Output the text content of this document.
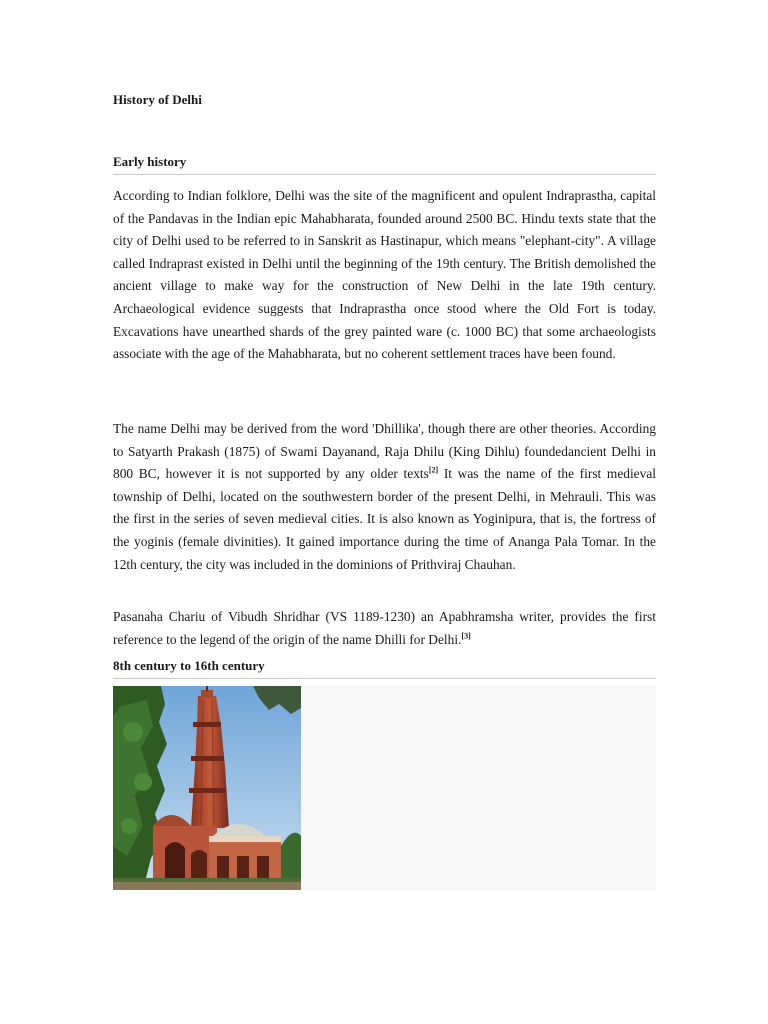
History of Delhi
Early history

According to Indian folklore, Delhi was the site of the magnificent and opulent Indraprastha, capital of the Pandavas in the Indian epic Mahabharata, founded around 2500 BC. Hindu texts state that the city of Delhi used to be referred to in Sanskrit as Hastinapur, which means "elephant-city". A village called Indraprast existed in Delhi until the beginning of the 19th century. The British demolished the ancient village to make way for the construction of New Delhi in the late 19th century. Archaeological evidence suggests that Indraprastha once stood where the Old Fort is today. Excavations have unearthed shards of the grey painted ware (c. 1000 BC) that some archaeologists associate with the age of the Mahabharata, but no coherent settlement traces have been found.

The name Delhi may be derived from the word 'Dhillika', though there are other theories. According to Satyarth Prakash (1875) of Swami Dayanand, Raja Dhilu (King Dihlu) foundedancient Delhi in 800 BC, however it is not supported by any older texts[2] It was the name of the first medieval township of Delhi, located on the southwestern border of the present Delhi, in Mehrauli. This was the first in the series of seven medieval cities. It is also known as Yoginipura, that is, the fortress of the yoginis (female divinities). It gained importance during the time of Ananga Pala Tomar. In the 12th century, the city was included in the dominions of Prithviraj Chauhan.

Pasanaha Chariu of Vibudh Shridhar (VS 1189-1230) an Apabhramsha writer, provides the first reference to the legend of the origin of the name Dhilli for Delhi.[3]

8th century to 16th century
